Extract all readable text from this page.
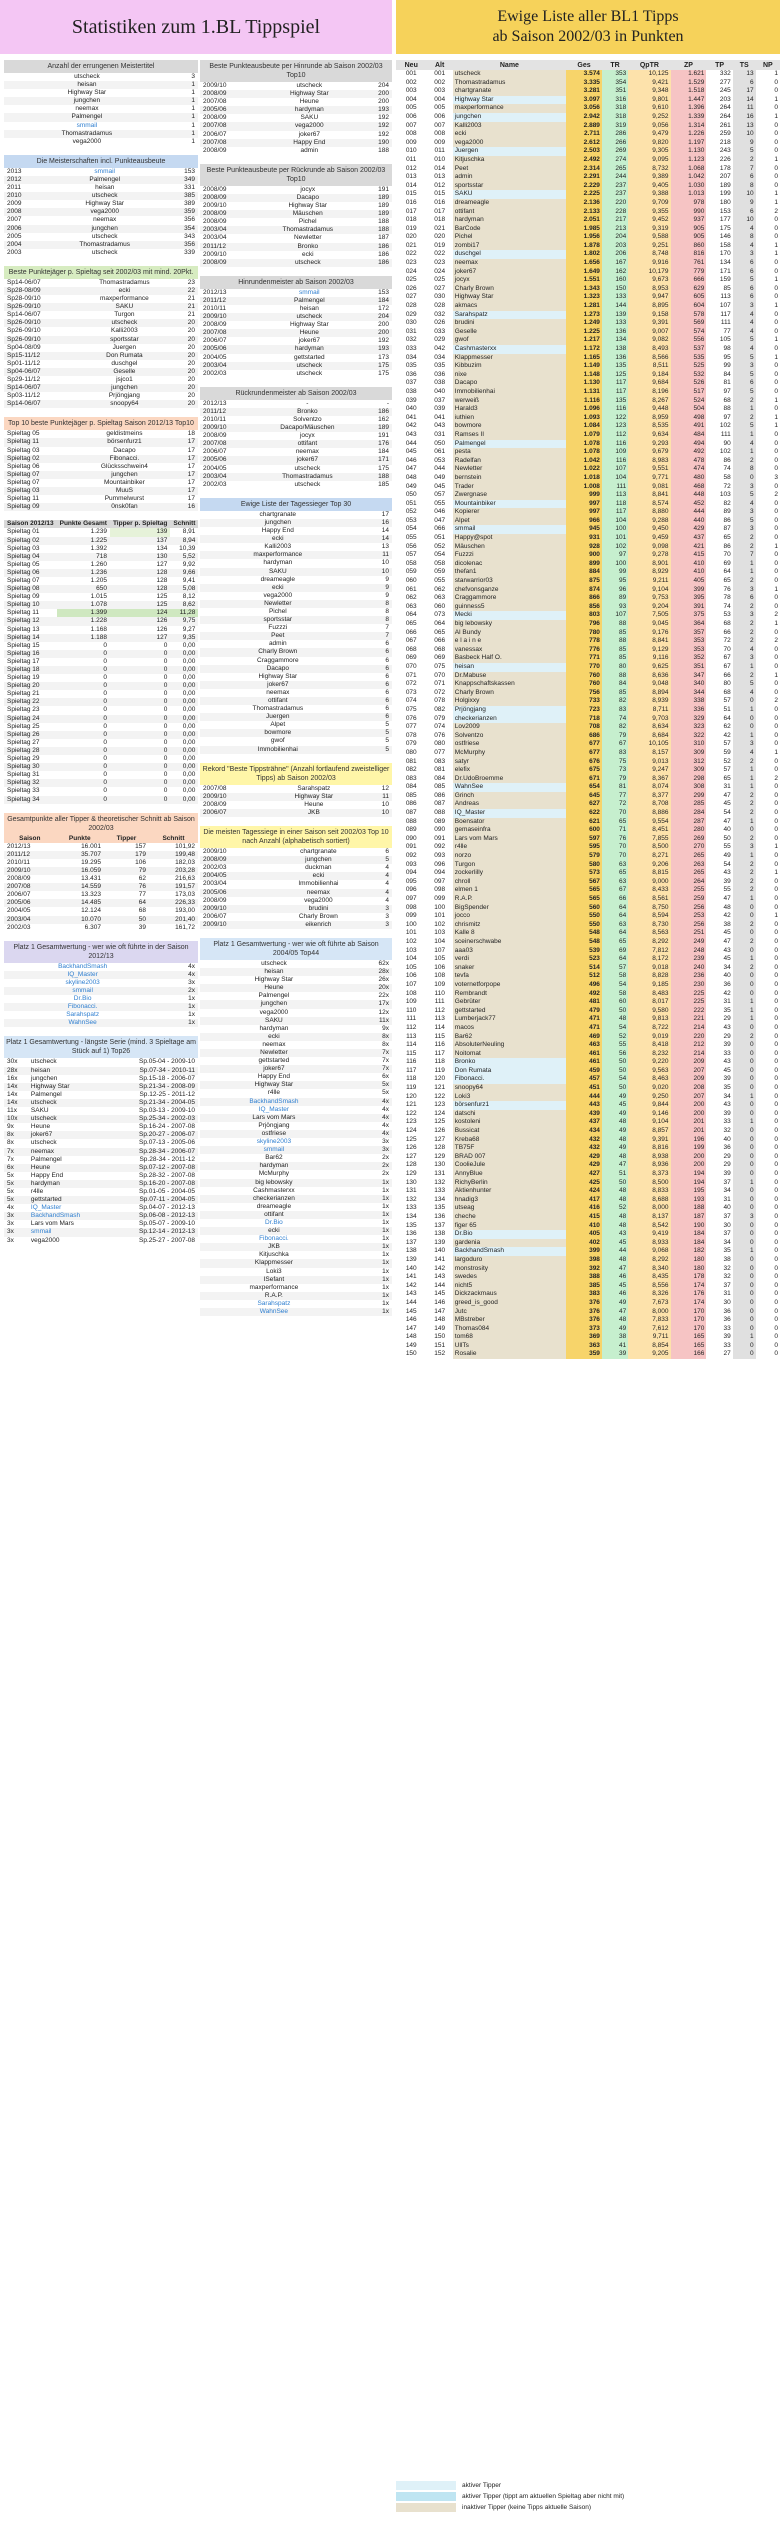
Statistiken zum 1.BL Tippspiel	Ewige Liste aller BL1 Tipps
ab Saison 2002/03 in Punkten
Anzahl der errungenen Meistertitel
utscheck	3
heisan	1
Highway Star	1
jungchen	1
neemax	1
Palmengel	1
smmail	1
Thomastradamus	1
vega2000	1
Die Meisterschaften incl. Punkteausbeute
2013	smmail	153
2012	Palmengel	349
2011	heisan	331
2010	utscheck	385
2009	Highway Star	389
2008	vega2000	359
2007	neemax	356
2006	jungchen	354
2005	utscheck	343
2004	Thomastradamus	356
2003	utscheck	339
Beste Punktejäger p. Spieltag seit 2002/03 mit mind. 20Pkt.
Sp14-06/07	Thomastradamus	23
Sp28-08/09	ecki	22
Sp28-09/10	maxperformance	21
Sp26-09/10	SAKU	21
Sp14-06/07	Turgon	21
Sp26-09/10	utscheck	20
Sp26-09/10	Kalli2003	20
Sp26-09/10	sportsstar	20
Sp04-08/09	Juergen	20
Sp15-11/12	Don Rumata	20
Sp01-11/12	duschgel	20
Sp04-06/07	Geselle	20
Sp29-11/12	jsjco1	20
Sp14-06/07	jungchen	20
Sp03-11/12	Prjöngjang	20
Sp14-06/07	snoopy64	20
Top 10 beste Punktejäger p. Spieltag Saison 2012/13 Top10
Spieltag 05	geldistmeins	18
Spieltag 11	börsenfurz1	17
Spieltag 03	Dacapo	17
Spieltag 02	Fibonacci.	17
Spieltag 06	Glücksschwein4	17
Spieltag 07	jungchen	17
Spieltag 07	Mountainbiker	17
Spieltag 03	MuuS	17
Spieltag 11	Pummelwurst	17
Spieltag 09	0nsk0fan	16
Saison 2012/13	Punkte Gesamt	Tipper p. Spieltag	Schnitt
Spieltag 01	1.239	139	8,91
Spieltag 02	1.225	137	8,94
Spieltag 03	1.392	134	10,39
Spieltag 04	718	130	5,52
Spieltag 05	1.260	127	9,92
Spieltag 06	1.236	128	9,66
Spieltag 07	1.205	128	9,41
Spieltag 08	650	128	5,08
Spieltag 09	1.015	125	8,12
Spieltag 10	1.078	125	8,62
Spieltag 11	1.399	124	11,28
Spieltag 12	1.228	126	9,75
Spieltag 13	1.168	126	9,27
Spieltag 14	1.188	127	9,35
Spieltag 15	0	0	0,00
Spieltag 16	0	0	0,00
Spieltag 17	0	0	0,00
Spieltag 18	0	0	0,00
Spieltag 19	0	0	0,00
Spieltag 20	0	0	0,00
Spieltag 21	0	0	0,00
Spieltag 22	0	0	0,00
Spieltag 23	0	0	0,00
Spieltag 24	0	0	0,00
Spieltag 25	0	0	0,00
Spieltag 26	0	0	0,00
Spieltag 27	0	0	0,00
Spieltag 28	0	0	0,00
Spieltag 29	0	0	0,00
Spieltag 30	0	0	0,00
Spieltag 31	0	0	0,00
Spieltag 32	0	0	0,00
Spieltag 33	0	0	0,00
Spieltag 34	0	0	0,00
Gesamtpunkte aller Tipper & theoretischer Schnitt ab Saison 2002/03
Saison	Punkte	Tipper	Schnitt
2012/13	16.001	157	101,92
2011/12	35.707	179	199,48
2010/11	19.295	106	182,03
2009/10	16.059	79	203,28
2008/09	13.431	62	216,63
2007/08	14.559	76	191,57
2006/07	13.323	77	173,03
2005/06	14.485	64	226,33
2004/05	12.124	68	193,00
2003/04	10.070	50	201,40
2002/03	6.307	39	161,72
Platz 1 Gesamtwertung - wer wie oft führte in der Saison 2012/13
BackhandSmash	4x
IQ_Master	4x
skyline2003	3x
smmail	2x
Dr.Bio	1x
Fibonacci.	1x
Sarahspatz	1x
WahnSee	1x
Platz 1 Gesamtwertung - längste Serie (mind. 3 Spieltage am Stück auf 1) Top26
30x	utscheck	Sp.05-04 - 2009-10
28x	heisan	Sp.07-34 - 2010-11
16x	jungchen	Sp.15-18 - 2006-07
14x	Highway Star	Sp.21-34 - 2008-09
14x	Palmengel	Sp.12-25 - 2011-12
14x	utscheck	Sp.21-34 - 2004-05
11x	SAKU	Sp.03-13 - 2009-10
10x	utscheck	Sp.25-34 - 2002-03
9x	Heune	Sp.16-24 - 2007-08
8x	joker67	Sp.20-27 - 2006-07
8x	utscheck	Sp.07-13 - 2005-06
7x	neemax	Sp.28-34 - 2006-07
7x	Palmengel	Sp.28-34 - 2011-12
6x	Heune	Sp.07-12 - 2007-08
5x	Happy End	Sp.28-32 - 2007-08
5x	hardyman	Sp.16-20 - 2007-08
5x	r4lle	Sp.01-05 - 2004-05
5x	gettstarted	Sp.07-11 - 2004-05
4x	IQ_Master	Sp.04-07 - 2012-13
3x	BackhandSmash	Sp.06-08 - 2012-13
3x	Lars vom Mars	Sp.05-07 - 2009-10
3x	smmail	Sp.12-14 - 2012-13
3x	vega2000	Sp.25-27 - 2007-08
Beste Punkteausbeute per Hinrunde ab Saison 2002/03 Top10
2009/10	utscheck	204
2008/09	Highway Star	200
2007/08	Heune	200
2005/06	hardyman	193
2008/09	SAKU	192
2007/08	vega2000	192
2006/07	joker67	192
2007/08	Happy End	190
2008/09	admin	188
Beste Punkteausbeute per Rückrunde ab Saison 2002/03 Top10
2008/09	jocyx	191
2008/09	Dacapo	189
2009/10	Highway Star	189
2008/09	Mäuschen	189
2008/09	Pichel	188
2003/04	Thomastradamus	188
2003/04	Newletter	187
2011/12	Bronko	186
2009/10	ecki	186
2008/09	utscheck	186
Hinrundenmeister ab Saison 2002/03
2012/13	smmail	153
2011/12	Palmengel	184
2010/11	heisan	172
2009/10	utscheck	204
2008/09	Highway Star	200
2007/08	Heune	200
2006/07	joker67	192
2005/06	hardyman	193
2004/05	gettstarted	173
2003/04	utscheck	175
2002/03	utscheck	175
Rückrundenmeister ab Saison 2002/03
2012/13	-	-
2011/12	Bronko	186
2010/11	Solventzo	162
2009/10	Dacapo/Mäuschen	189
2008/09	jocyx	191
2007/08	ottifant	176
2006/07	neemax	184
2005/06	joker67	171
2004/05	utscheck	175
2003/04	Thomastradamus	188
2002/03	utscheck	185
Ewige Liste der Tagessieger Top 30
chartgranate	17
jungchen	16
Happy End	14
ecki	14
Kalli2003	13
maxperformance	11
hardyman	10
SAKU	10
dreameagle	9
ecki	9
vega2000	9
Newletter	8
Pichel	8
sportsstar	8
Fuzzzi	7
Peet	7
admin	6
Charly Brown	6
Craggammore	6
Dacapo	6
Highway Star	6
joker67	6
neemax	6
ottifant	6
Thomastradamus	6
Juergen	6
Alpet	5
bowmore	5
gwof	5
Immobilienhai	5
Rekord "Beste Tippsträhne" (Anzahl fortlaufend zweistelliger Tipps) ab Saison 2002/03
2007/08	Sarahspatz	12
2009/10	Highway Star	11
2008/09	Heune	10
2006/07	JKB	10
Die meisten Tagessiege in einer Saison seit 2002/03 Top 10 nach Anzahl (alphabetisch sortiert)
2009/10	chartgranate	6
2008/09	jungchen	5
2002/03	duckman	4
2004/05	ecki	4
2003/04	Immobilienhai	4
2005/06	neemax	4
2008/09	vega2000	4
2009/10	brudini	3
2006/07	Charly Brown	3
2009/10	eikenrich	3
Platz 1 Gesamtwertung - wer wie oft führte ab Saison 2004/05 Top44
utscheck	62x
heisan	28x
Highway Star	26x
Heune	20x
Palmengel	22x
jungchen	17x
vega2000	12x
SAKU	11x
hardyman	9x
ecki	8x
neemax	8x
Newletter	7x
gettstarted	7x
joker67	7x
Happy End	6x
Highway Star	5x
r4lle	5x
BackhandSmash	4x
IQ_Master	4x
Lars vom Mars	4x
Prjöngjang	4x
ostfriese	4x
skyline2003	3x
smmail	3x
Bar62	2x
hardyman	2x
McMurphy	2x
big lebowsky	1x
Cashmasterxx	1x
checkerianzen	1x
dreameagle	1x
ottifant	1x
Dr.Bio	1x
ecki	1x
Fibonacci.	1x
JKB	1x
Kitjuschka	1x
Klappmesser	1x
Loki3	1x
ISefant	1x
maxperformance	1x
R.A.P.	1x
Sarahspatz	1x
WahnSee	1x
Neu	Alt	Name	Ges	TR	QpTR	ZP	TP	TS	NP
001	001	utscheck	3.574	353	10,125	1.621	332	13	1
002	002	Thomastradamus	3.335	354	9,421	1.529	277	6	0
003	003	chartgranate	3.281	351	9,348	1.518	245	17	0
004	004	Highway Star	3.097	316	9,801	1.447	203	14	1
005	005	maxperformance	3.056	318	9,610	1.396	264	11	0
006	006	jungchen	2.942	318	9,252	1.339	264	16	1
007	007	Kalli2003	2.889	319	9,056	1.314	261	13	0
008	008	ecki	2.711	286	9,479	1.226	259	10	0
009	009	vega2000	2.612	266	9,820	1.197	218	9	0
010	011	Juergen	2.503	269	9,305	1.130	243	5	0
011	010	Kitjuschka	2.492	274	9,095	1.123	226	2	1
012	014	Peet	2.314	265	8,732	1.068	178	7	0
013	013	admin	2.291	244	9,389	1.042	207	6	0
014	012	sportsstar	2.229	237	9,405	1.030	189	8	0
015	015	SAKU	2.225	237	9,388	1.013	199	10	1
016	016	dreameagle	2.136	220	9,709	978	180	9	1
017	017	ottifant	2.133	228	9,355	990	153	6	2
018	018	hardyman	2.051	217	9,452	937	177	10	0
019	021	BarCode	1.985	213	9,319	905	175	4	0
020	020	Pichel	1.956	204	9,588	905	146	8	0
021	019	zombi17	1.878	203	9,251	860	158	4	1
022	022	duschgel	1.802	206	8,748	816	170	3	1
023	023	neemax	1.656	167	9,916	761	134	6	0
024	024	joker67	1.649	162	10,179	779	171	6	0
025	025	jocyx	1.551	160	9,673	666	159	5	1
026	027	Charly Brown	1.343	150	8,953	629	85	6	0
027	030	Highway Star	1.323	133	9,947	605	113	6	0
028	028	akmacs	1.281	144	8,895	604	107	3	1
029	032	Sarahspatz	1.273	139	9,158	578	117	4	0
030	026	brudini	1.249	133	9,391	569	111	4	0
031	033	Geselle	1.225	136	9,007	574	77	4	0
032	029	gwof	1.217	134	9,082	556	105	5	1
033	042	Cashmasterxx	1.172	138	8,493	537	98	4	0
034	034	Klappmesser	1.165	136	8,566	535	95	5	1
035	035	Kibbuzim	1.149	135	8,511	525	99	3	0
036	036	nixe	1.148	125	9,184	532	84	5	0
037	038	Dacapo	1.130	117	9,684	526	81	6	0
038	040	Immobilienhai	1.131	117	8,196	517	97	5	0
039	037	werweiß	1.116	135	8,267	524	68	2	1
040	039	Harald3	1.096	116	9,448	504	88	1	0
041	041	iuthien	1.093	122	8,959	498	97	2	1
042	043	bowmore	1.084	123	8,535	491	102	5	1
043	031	Ramses II	1.079	112	9,634	484	111	1	0
044	050	Palmengel	1.078	116	9,293	494	90	4	0
045	061	pesta	1.078	109	9,679	492	102	1	0
046	053	Radelfan	1.042	116	8,983	478	86	2	0
047	044	Newletter	1.022	107	9,551	474	74	8	0
048	049	bernstein	1.018	104	9,771	480	58	0	3
049	045	Trader	1.008	111	9,081	468	72	3	0
050	057	Zwergnase	999	113	8,841	448	103	5	2
051	055	Mountainbiker	997	118	8,574	452	82	4	0
052	046	Kopierer	997	117	8,880	444	89	3	0
053	047	Alpet	966	104	9,288	440	86	5	0
054	066	smmail	945	100	9,450	429	87	3	0
055	051	Happy@spot	931	101	9,459	437	65	2	0
056	052	Mäuschen	928	102	9,098	421	86	2	1
057	054	Fuzzzi	900	97	9,278	415	70	7	0
058	058	dicolenac	899	100	8,901	410	69	1	0
059	059	thefan1	884	99	8,929	410	64	1	0
060	055	starwarrior03	875	95	9,211	405	65	2	0
061	062	chefvonsganze	874	96	9,104	399	76	3	1
062	063	Craggammore	866	89	9,753	395	78	6	0
063	060	guinness5	856	93	9,204	391	74	2	0
064	073	Mecki	803	107	7,505	375	53	3	2
065	064	big lebowsky	796	88	9,045	364	68	2	1
066	065	Al Bundy	780	85	9,176	357	66	2	0
067	066	e l a i n e	778	88	8,841	353	72	2	2
068	068	vanessax	776	85	9,129	353	70	4	0
069	069	Basbeck Half O.	771	85	9,116	352	67	3	0
070	075	heisan	770	80	9,625	351	67	1	0
071	070	Dr.Mabuse	760	88	8,636	347	66	2	1
072	071	Knappschaftskassen	760	84	9,048	340	80	5	0
073	072	Charly Brown	756	85	8,894	344	68	4	0
074	078	Holgixxy	733	82	8,939	338	57	0	2
075	082	Prjöngjang	723	83	8,711	336	51	1	0
076	079	checkerianzen	718	74	9,703	329	64	0	0
077	074	Lov2009	708	82	8,634	323	62	0	0
078	076	Solventzo	686	79	8,684	322	42	1	0
079	080	ostfriese	677	67	10,105	310	57	3	0
080	077	McMurphy	677	83	8,157	309	59	4	1
081	083	satyr	676	75	9,013	312	52	2	0
082	081	elefix	675	73	9,247	309	57	1	0
083	084	Dr.UdoBroemme	671	79	8,367	298	65	1	2
084	085	WahnSee	654	81	8,074	308	31	1	0
085	086	Grinch	645	77	8,377	299	47	2	0
086	087	Andreas	627	72	8,708	285	45	2	0
087	088	IQ_Master	622	70	8,886	284	54	2	0
088	089	Boensator	621	65	9,554	287	47	1	0
089	090	gemaseinfra	600	71	8,451	280	40	0	0
090	091	Lars vom Mars	597	76	7,855	269	50	2	0
091	092	r4lle	595	70	8,500	270	55	3	1
092	093	norzo	579	70	8,271	265	49	1	0
093	096	Turgon	580	63	9,206	263	54	2	0
094	094	zockerlilly	573	65	8,815	265	43	2	1
095	097	chroll	567	63	9,000	264	39	2	0
096	098	elmen 1	565	67	8,433	255	55	2	0
097	099	R.A.P.	565	66	8,561	259	47	1	0
098	100	BigSpender	560	64	8,750	256	48	0	0
099	101	jocco	550	64	8,594	253	42	0	1
100	102	chrismitz	550	63	8,730	256	38	2	0
101	103	Kalle 8	548	64	8,563	251	45	0	0
102	104	sceinerschwabe	548	65	8,292	249	47	2	0
103	107	aaa03	539	69	7,812	248	43	0	0
104	105	verdi	523	64	8,172	239	45	1	0
105	106	snaker	514	57	9,018	240	34	2	0
106	108	tevfa	512	58	8,828	236	40	0	0
107	109	voternetforpope	496	54	9,185	230	36	0	0
108	110	Rembrandt	492	58	8,483	225	42	0	0
109	111	Gebrüter	481	60	8,017	225	31	1	0
110	112	gettstarted	479	50	9,580	222	35	1	0
111	113	Lumberjack77	471	48	9,813	221	29	1	0
112	114	macos	471	54	8,722	214	43	0	0
113	115	Bar62	469	52	9,019	220	29	2	0
114	116	AbsoluterNeuling	463	55	8,418	212	39	0	0
115	117	Noitomat	461	56	8,232	214	33	0	0
116	118	Bronko	461	50	9,220	209	43	0	0
117	119	Don Rumata	459	50	9,563	207	45	0	0
118	120	Fibonacci.	457	54	8,463	209	39	0	0
119	121	snoopy64	451	50	9,020	208	35	0	0
120	122	Loki3	444	49	9,250	207	34	1	0
121	123	börsenfurz1	443	45	9,844	200	43	0	0
122	124	datschi	439	49	9,146	200	39	0	0
123	125	kostoleni	437	48	9,104	201	33	1	0
124	126	Bussicat	434	49	8,857	201	32	0	0
125	127	Kreba68	432	48	9,391	196	40	0	0
126	128	TB75F	432	49	8,816	199	36	0	0
127	129	BRAD 007	429	48	8,938	200	29	0	0
128	130	CoolieJule	429	47	8,936	200	29	0	0
129	131	AnnyBlue	427	51	8,373	194	39	0	0
130	132	RichyBerlin	425	50	8,500	194	37	1	0
131	133	Aktienhunter	424	48	8,833	195	34	0	0
132	134	hnadig3	417	48	8,688	193	31	0	0
133	135	utseag	416	52	8,000	188	40	0	0
134	136	cheche	415	48	8,137	187	37	3	0
135	137	figer 65	410	48	8,542	190	30	0	0
136	138	Dr.Bio	405	43	9,419	184	37	0	0
137	139	gardenia	402	45	8,933	184	34	0	0
138	140	BackhandSmash	399	44	9,068	182	35	1	0
139	141	largoduro	398	48	8,292	180	38	0	0
140	142	monstrosity	392	47	8,340	180	32	0	0
141	143	swedes	388	46	8,435	178	32	0	0
142	144	nicht5	385	45	8,556	174	37	0	0
143	145	Dickzackmaus	383	46	8,326	176	31	0	0
144	146	greed_is_good	376	49	7,673	174	30	0	0
145	147	Jutc	376	47	8,000	170	36	0	0
146	148	MBstreber	376	48	7,833	170	36	0	0
147	149	Thomas084	373	49	7,612	170	33	0	0
148	150	tom68	369	38	9,711	165	39	1	0
149	151	UllTs	363	41	8,854	165	33	0	0
150	152	Rosalie	359	39	9,205	166	27	0	0
aktiver Tipper
aktiver Tipper (tippt am aktuellen Spieltag aber nicht mit)
inaktiver Tipper (keine Tipps aktuelle Saison)
